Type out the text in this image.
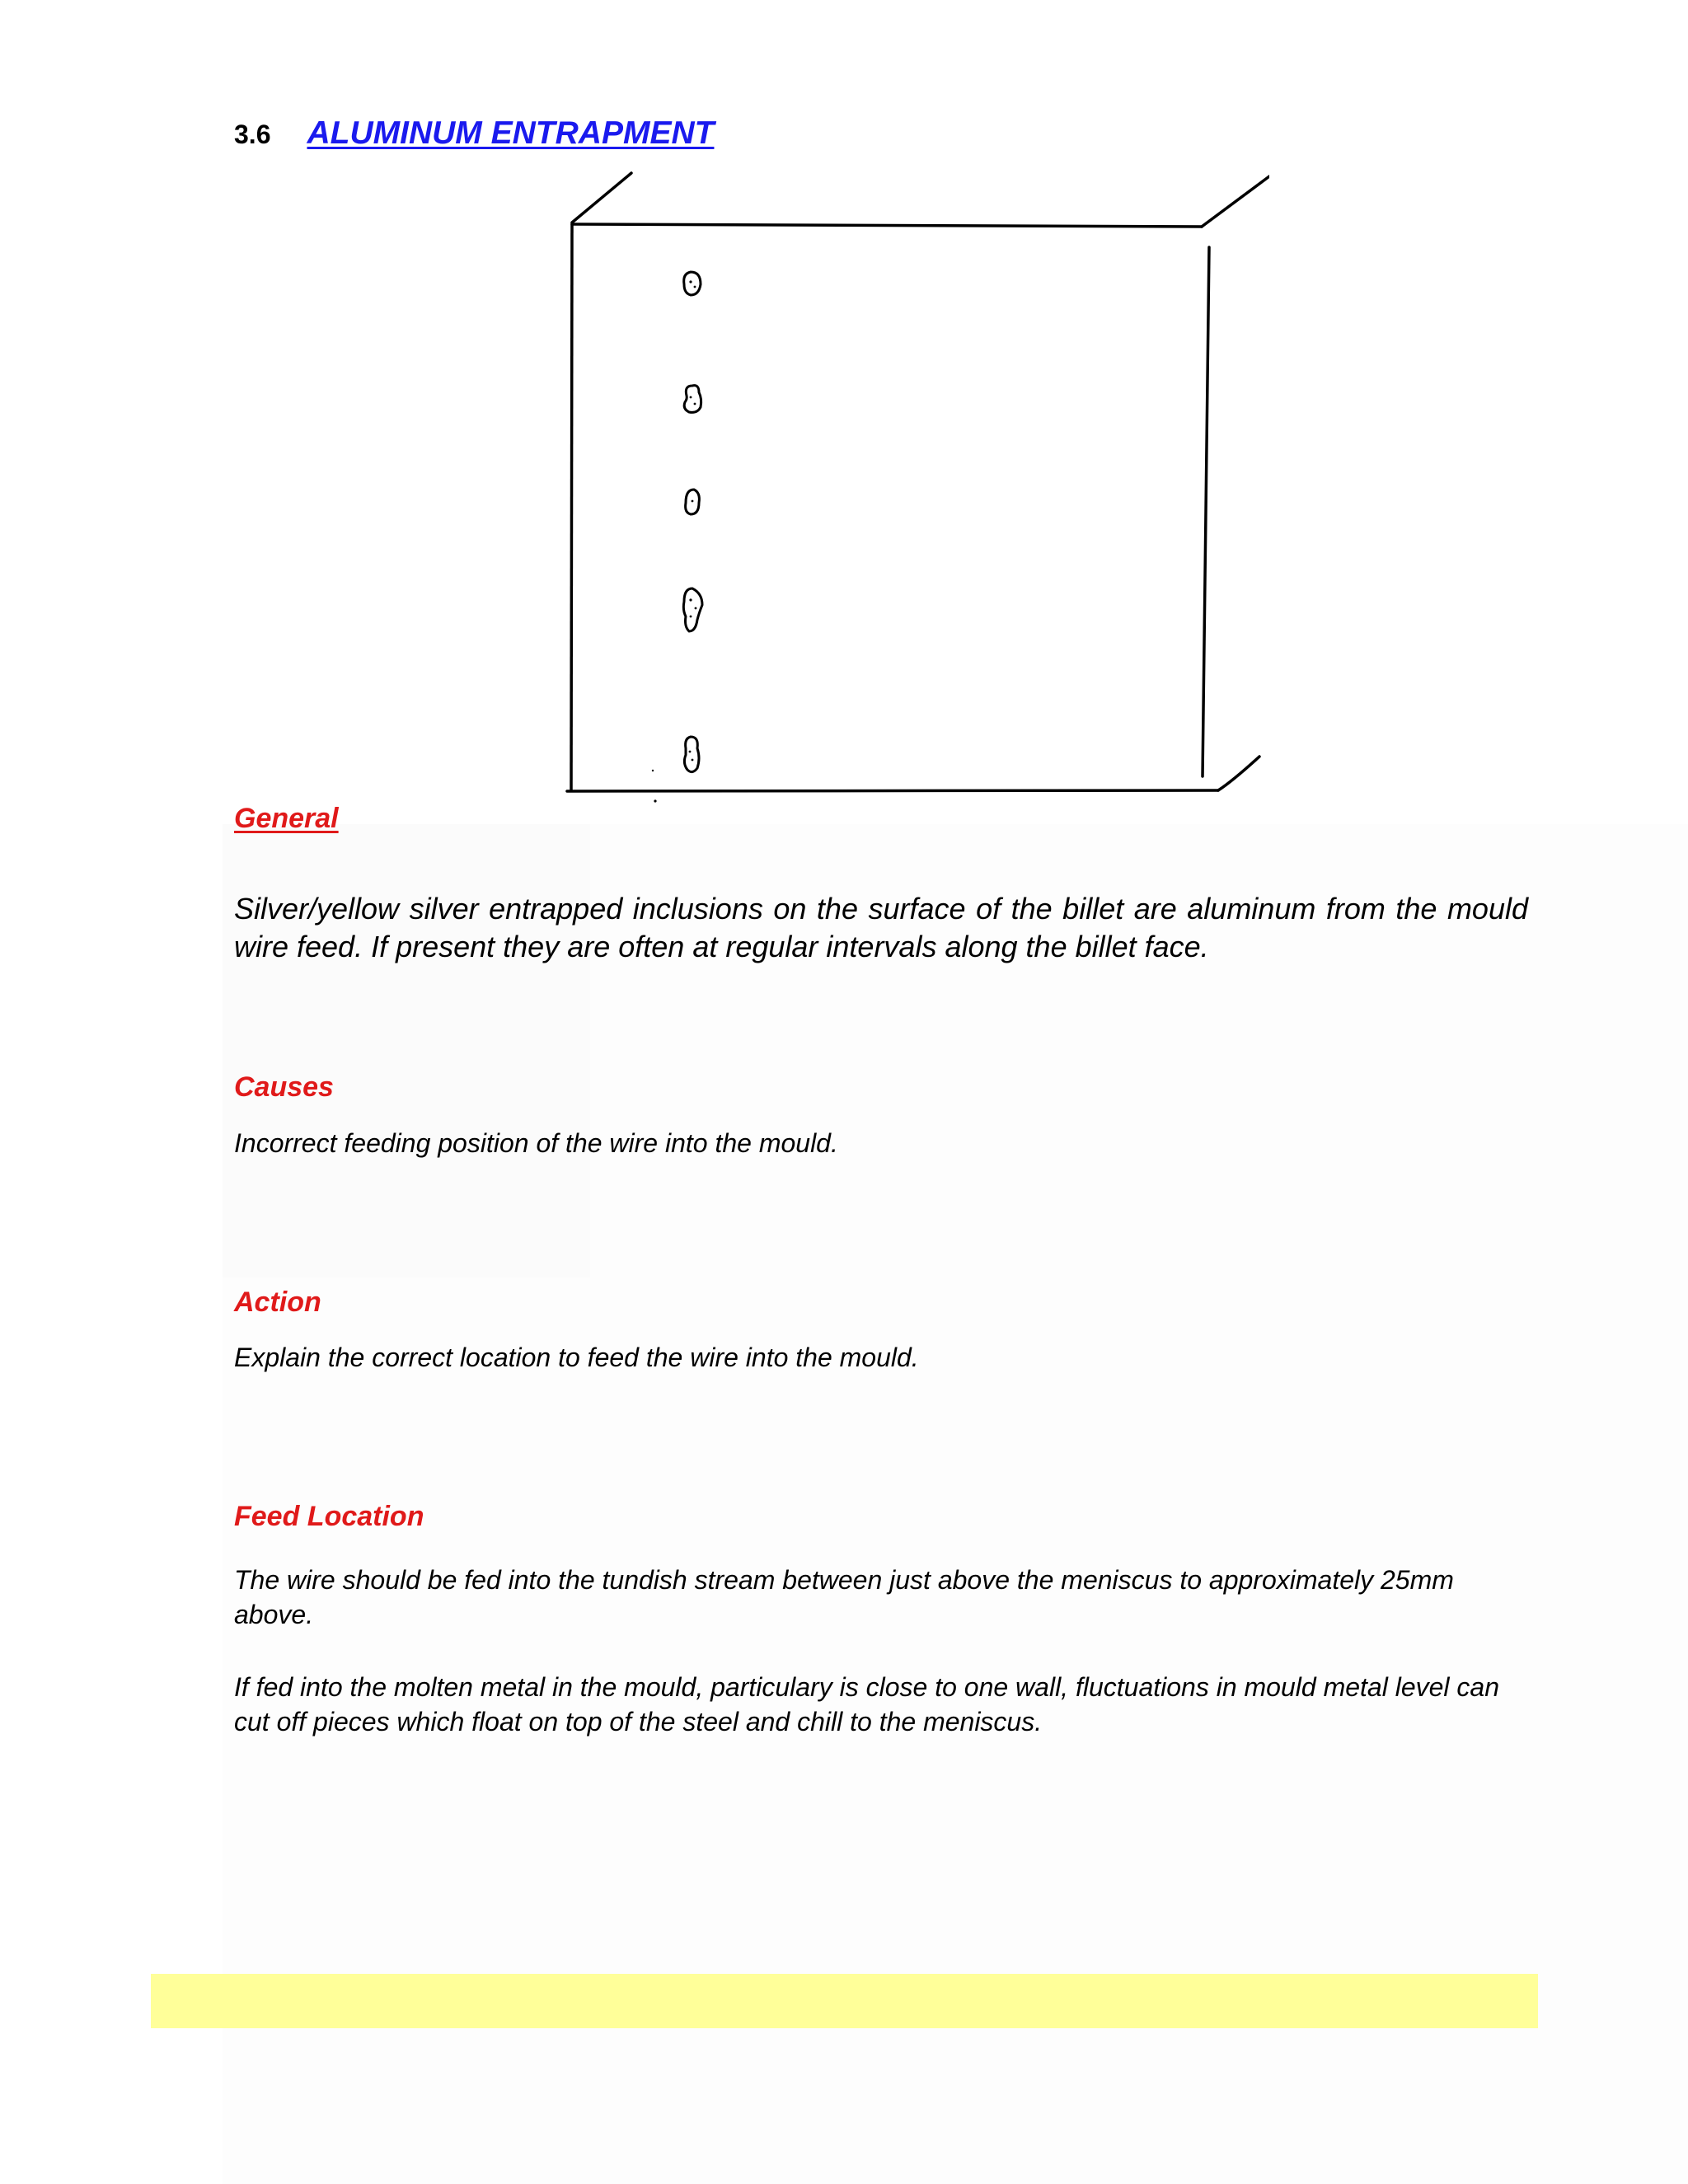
3.6 ALUMINUM ENTRAPMENT

General

Silver/yellow silver entrapped inclusions on the surface of the billet are aluminum from the mould wire feed. If present they are often at regular intervals along the billet face.

Causes

Incorrect feeding position of the wire into the mould.

Action

Explain the correct location to feed the wire into the mould.

Feed Location

The wire should be fed into the tundish stream between just above the meniscus to approximately 25mm above.

If fed into the molten metal in the mould, particulary is close to one wall, fluctuations in mould metal level can cut off pieces which float on top of the steel and chill to the meniscus.
